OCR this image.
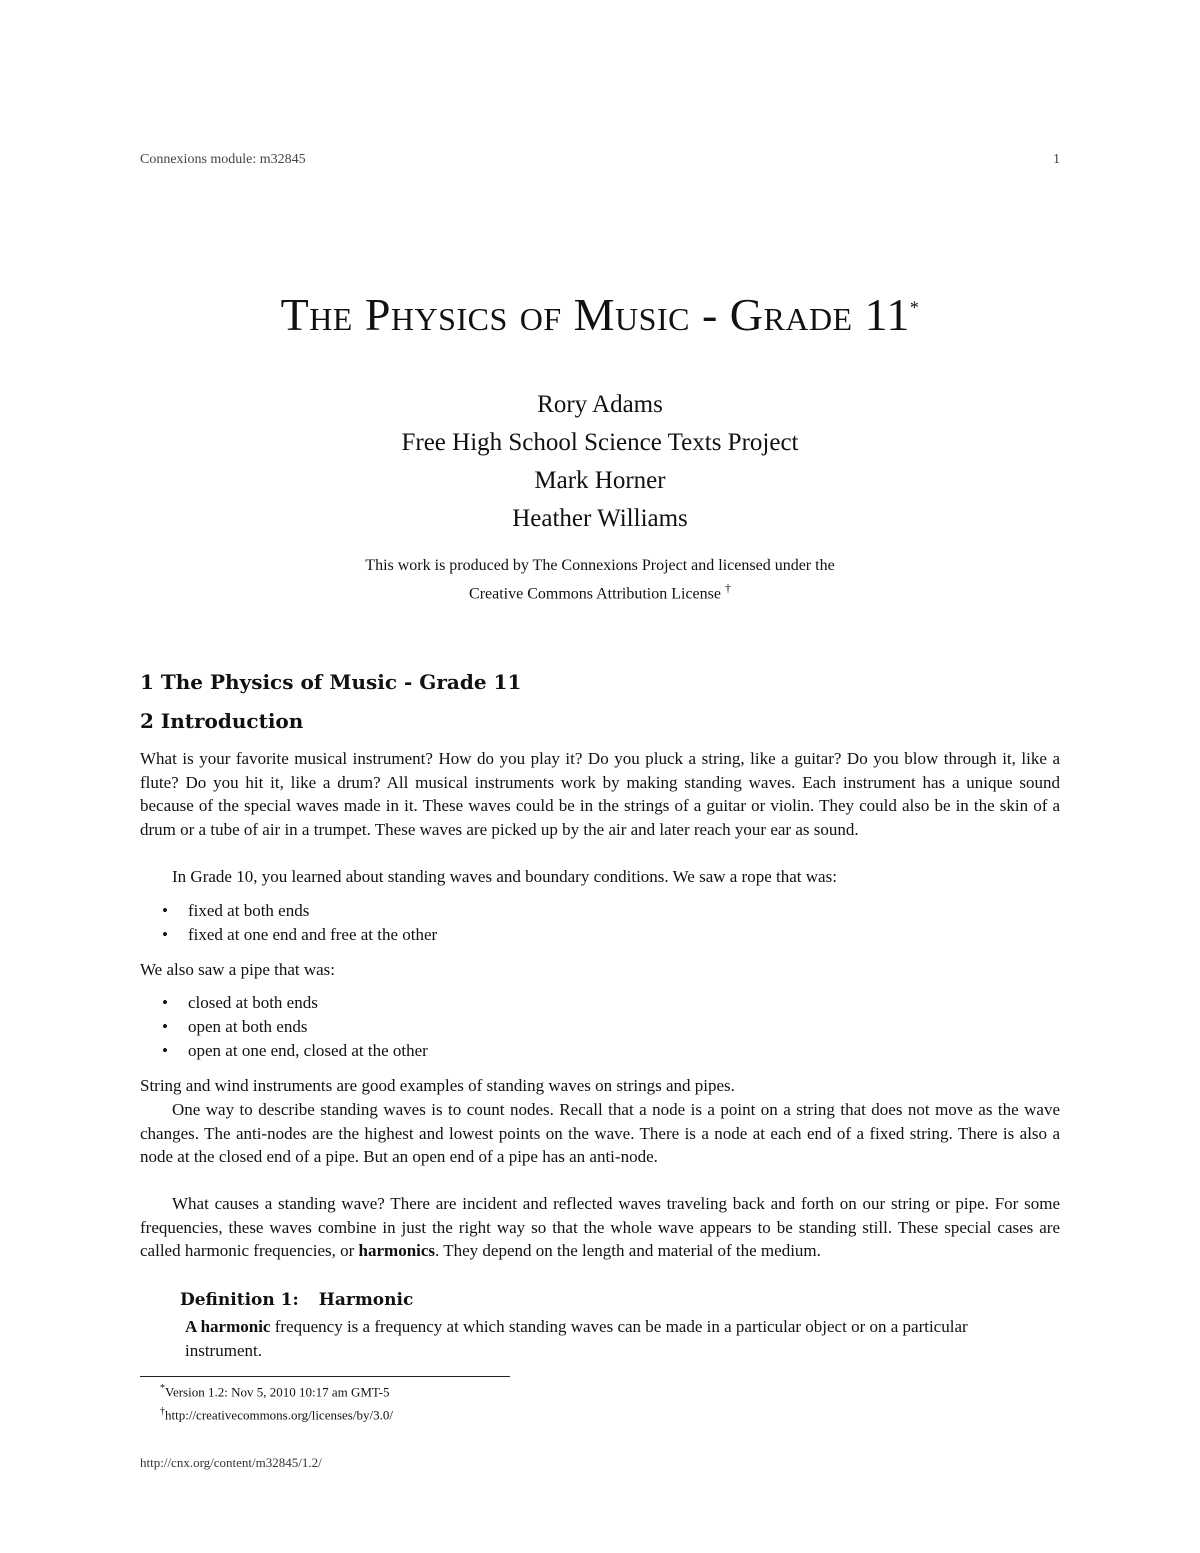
Connexions module: m32845	1
The Physics of Music - Grade 11*
Rory Adams
Free High School Science Texts Project
Mark Horner
Heather Williams
This work is produced by The Connexions Project and licensed under the
Creative Commons Attribution License †
1 The Physics of Music - Grade 11
2 Introduction

What is your favorite musical instrument? How do you play it? Do you pluck a string, like a guitar? Do you blow through it, like a flute? Do you hit it, like a drum? All musical instruments work by making standing waves. Each instrument has a unique sound because of the special waves made in it. These waves could be in the strings of a guitar or violin. They could also be in the skin of a drum or a tube of air in a trumpet. These waves are picked up by the air and later reach your ear as sound.

In Grade 10, you learned about standing waves and boundary conditions. We saw a rope that was:

• fixed at both ends
• fixed at one end and free at the other

We also saw a pipe that was:

• closed at both ends
• open at both ends
• open at one end, closed at the other

String and wind instruments are good examples of standing waves on strings and pipes.

One way to describe standing waves is to count nodes. Recall that a node is a point on a string that does not move as the wave changes. The anti-nodes are the highest and lowest points on the wave. There is a node at each end of a fixed string. There is also a node at the closed end of a pipe. But an open end of a pipe has an anti-node.

What causes a standing wave? There are incident and reflected waves traveling back and forth on our string or pipe. For some frequencies, these waves combine in just the right way so that the whole wave appears to be standing still. These special cases are called harmonic frequencies, or harmonics. They depend on the length and material of the medium.

Definition 1: Harmonic

A harmonic frequency is a frequency at which standing waves can be made in a particular object or on a particular instrument.

*Version 1.2: Nov 5, 2010 10:17 am GMT-5
†http://creativecommons.org/licenses/by/3.0/
http://cnx.org/content/m32845/1.2/
